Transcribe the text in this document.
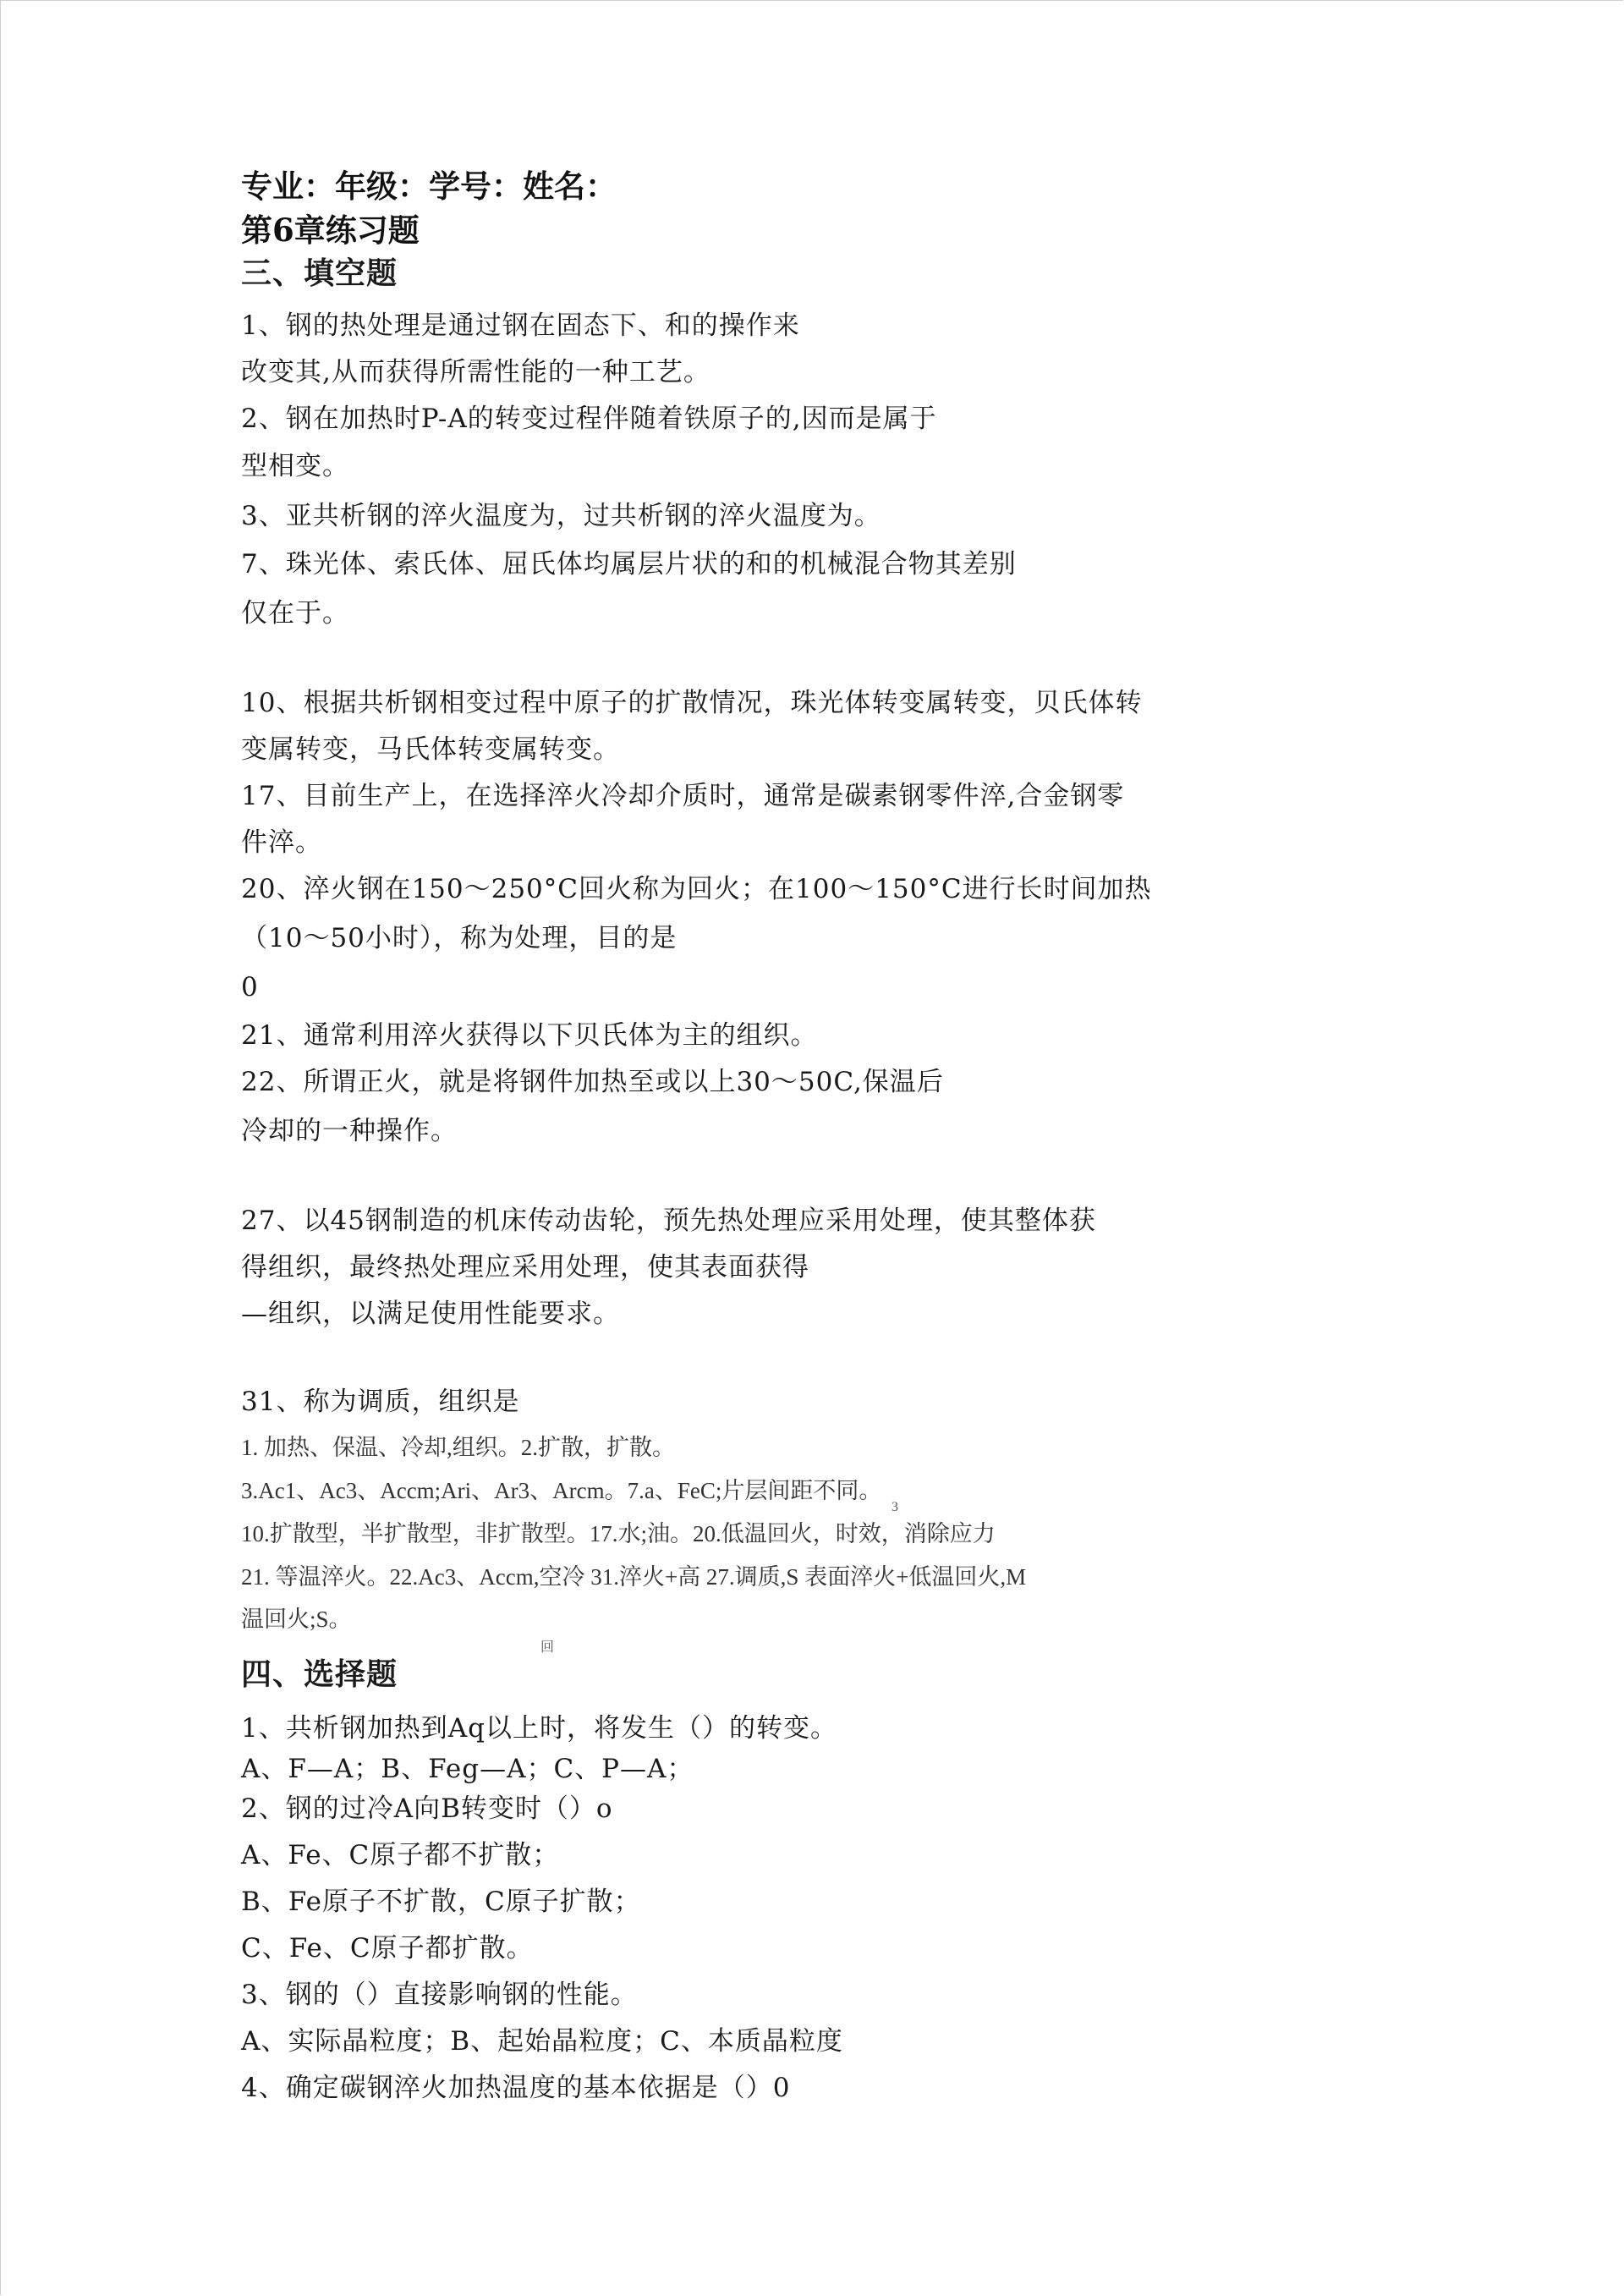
专业：年级：学号：姓名：
第6章练习题
三、填空题
1、钢的热处理是通过钢在固态下、和的操作来
改变其,从而获得所需性能的一种工艺。
2、钢在加热时P-A的转变过程伴随着铁原子的,因而是属于
型相变。
3、亚共析钢的淬火温度为，过共析钢的淬火温度为。
7、珠光体、索氏体、屈氏体均属层片状的和的机械混合物其差别
仅在于。
10、根据共析钢相变过程中原子的扩散情况，珠光体转变属转变，贝氏体转
变属转变，马氏体转变属转变。
17、目前生产上，在选择淬火冷却介质时，通常是碳素钢零件淬,合金钢零
件淬。
20、淬火钢在150～250°C回火称为回火；在100～150°C进行长时间加热
（10～50小时），称为处理，目的是
0
21、通常利用淬火获得以下贝氏体为主的组织。
22、所谓正火，就是将钢件加热至或以上30～50C,保温后
冷却的一种操作。
27、以45钢制造的机床传动齿轮，预先热处理应采用处理，使其整体获
得组织，最终热处理应采用处理，使其表面获得
—组织，以满足使用性能要求。
31、称为调质，组织是
1. 加热、保温、冷却,组织。2.扩散，扩散。
3.Ac1、Ac3、Accm;Ari、Ar3、Arcm。7.a、FeC;片层间距不同。
3
10.扩散型，半扩散型，非扩散型。17.水;油。20.低温回火，时效，消除应力
21. 等温淬火。22.Ac3、Accm,空冷 31.淬火+高 27.调质,S 表面淬火+低温回火,M
温回火;S。
回
四、选择题
1、共析钢加热到Aq以上时，将发生（）的转变。
A、F—A；B、Feg—A；C、P—A；
2、钢的过冷A向B转变时（）o
A、Fe、C原子都不扩散；
B、Fe原子不扩散，C原子扩散；
C、Fe、C原子都扩散。
3、钢的（）直接影响钢的性能。
A、实际晶粒度；B、起始晶粒度；C、本质晶粒度
4、确定碳钢淬火加热温度的基本依据是（）0
